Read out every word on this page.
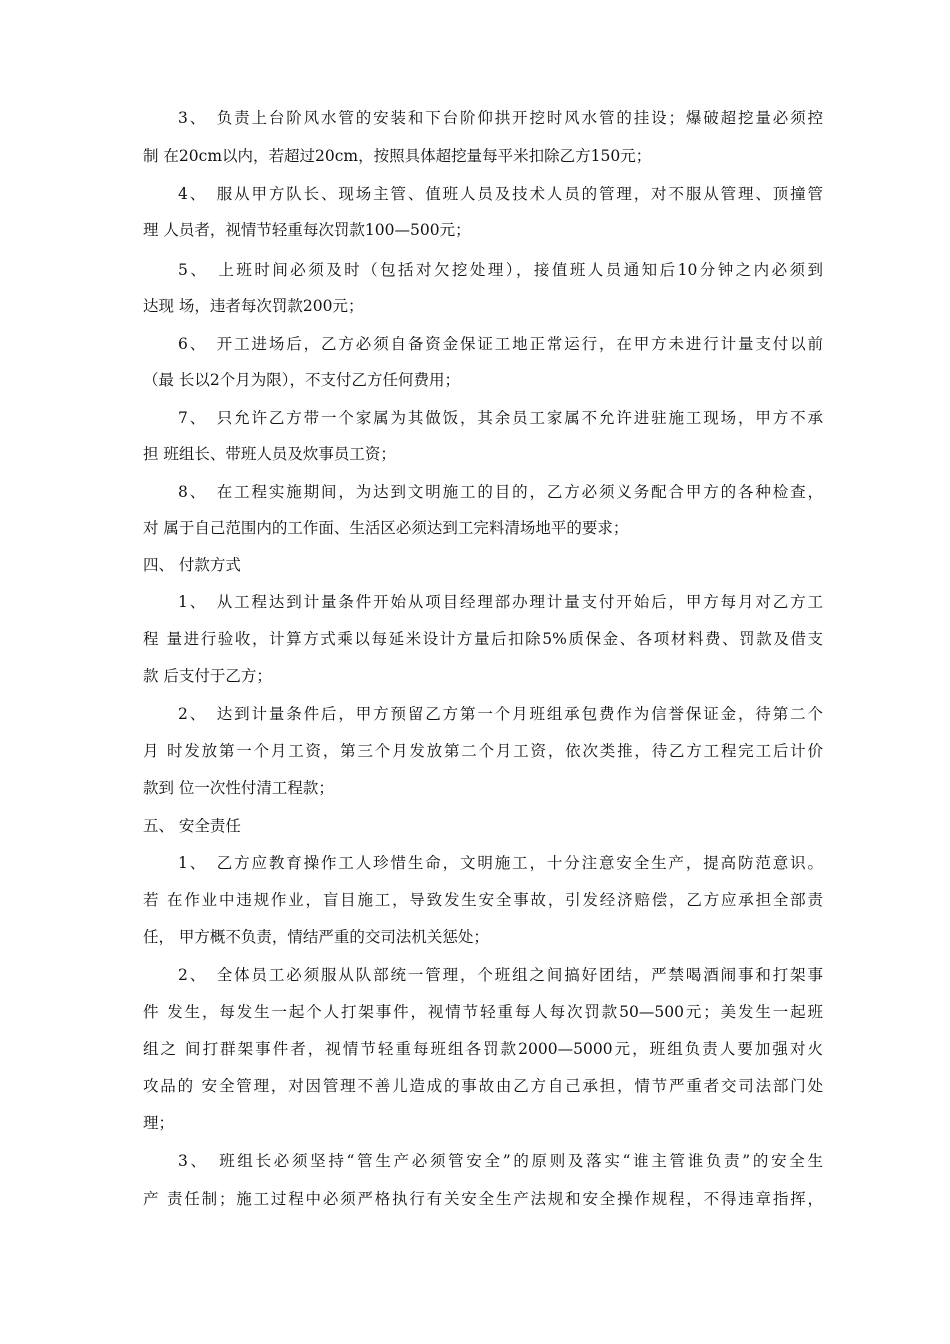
3、　负责上台阶风水管的安装和下台阶仰拱开挖时风水管的挂设；爆破超挖量必须控
制 在20cm以内，若超过20cm，按照具体超挖量每平米扣除乙方150元；
4、　服从甲方队长、现场主管、值班人员及技术人员的管理，对不服从管理、顶撞管
理 人员者，视情节轻重每次罚款100—500元；
5、　上班时间必须及时（包括对欠挖处理），接值班人员通知后10分钟之内必须到
达现 场，违者每次罚款200元；
6、　开工进场后，乙方必须自备资金保证工地正常运行，在甲方未进行计量支付以前
（最 长以2个月为限），不支付乙方任何费用；
7、　只允许乙方带一个家属为其做饭，其余员工家属不允许进驻施工现场，甲方不承
担 班组长、带班人员及炊事员工资；
8、　在工程实施期间，为达到文明施工的目的，乙方必须义务配合甲方的各种检查，
对 属于自己范围内的工作面、生活区必须达到工完料清场地平的要求；
四、 付款方式
1、　从工程达到计量条件开始从项目经理部办理计量支付开始后，甲方每月对乙方工
程 量进行验收，计算方式乘以每延米设计方量后扣除5%质保金、各项材料费、罚款及借支
款 后支付于乙方；
2、　达到计量条件后，甲方预留乙方第一个月班组承包费作为信誉保证金，待第二个
月 时发放第一个月工资，第三个月发放第二个月工资，依次类推，待乙方工程完工后计价
款到 位一次性付清工程款；
五、 安全责任
1、　乙方应教育操作工人珍惜生命，文明施工，十分注意安全生产，提高防范意识。
若 在作业中违规作业，盲目施工，导致发生安全事故，引发经济赔偿，乙方应承担全部责
任， 甲方概不负责，情结严重的交司法机关惩处；
2、　全体员工必须服从队部统一管理，个班组之间搞好团结，严禁喝酒闹事和打架事
件 发生，每发生一起个人打架事件，视情节轻重每人每次罚款50—500元；美发生一起班
组之 间打群架事件者，视情节轻重每班组各罚款2000—5000元，班组负责人要加强对火
攻品的 安全管理，对因管理不善儿造成的事故由乙方自己承担，情节严重者交司法部门处
理；
3、　班组长必须坚持“管生产必须管安全”的原则及落实“谁主管谁负责”的安全生
产 责任制；施工过程中必须严格执行有关安全生产法规和安全操作规程，不得违章指挥，
